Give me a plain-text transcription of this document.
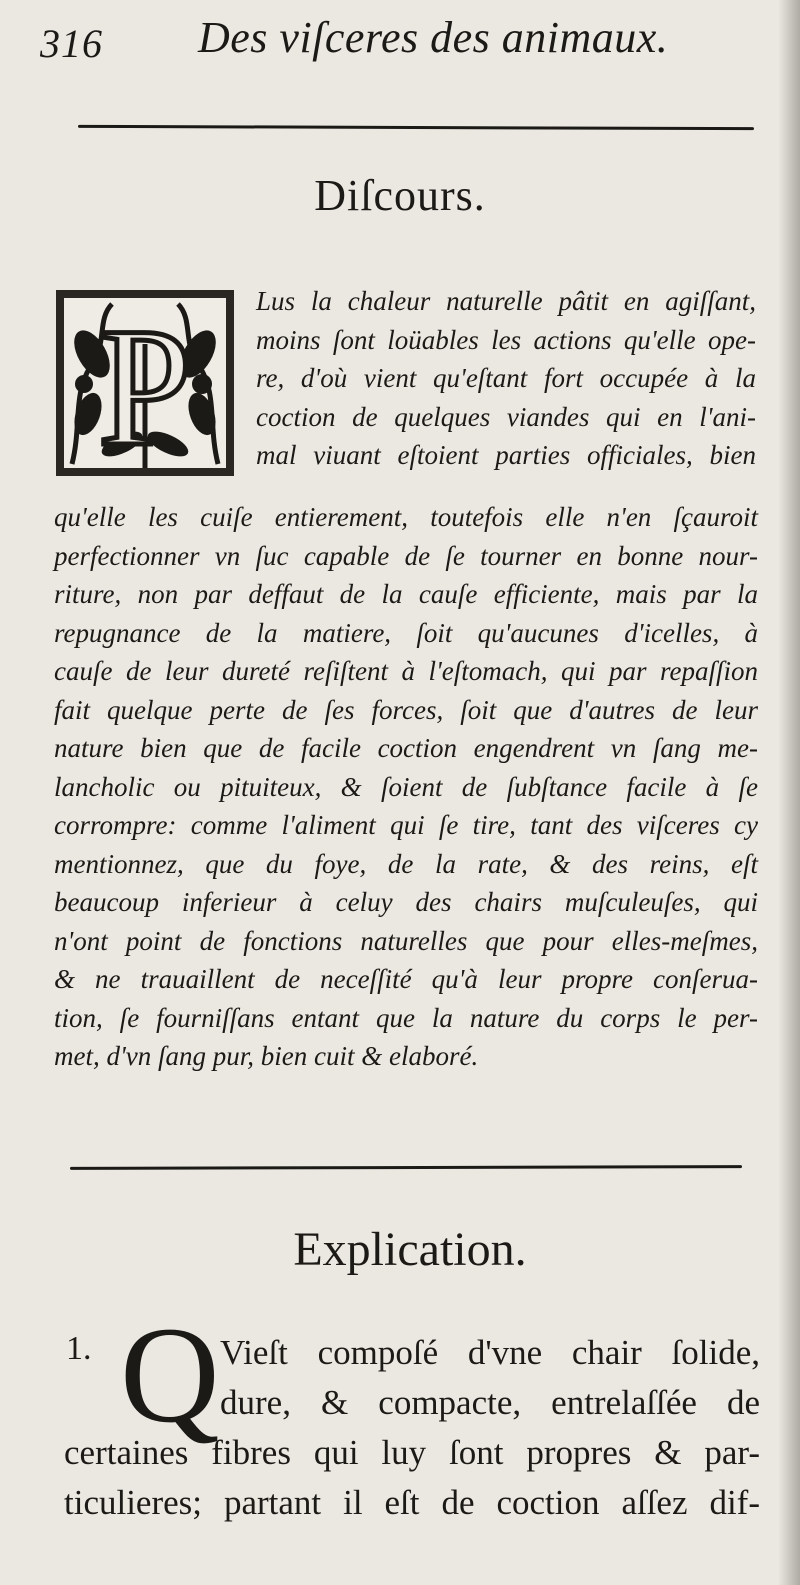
316 Des viſceres des animaux.
Diſcours.
P Lus la chaleur naturelle pâtit en agiſſant,
moins ſont loüables les actions qu'elle ope-
re, d'où vient qu'eſtant fort occupée à la
coction de quelques viandes qui en l'ani-
mal viuant eſtoient parties officiales, bien
qu'elle les cuiſe entierement, toutefois elle n'en ſçauroit
perfectionner vn ſuc capable de ſe tourner en bonne nour-
riture, non par deffaut de la cauſe efficiente, mais par la
repugnance de la matiere, ſoit qu'aucunes d'icelles, à
cauſe de leur dureté reſiſtent à l'eſtomach, qui par repaſſion
fait quelque perte de ſes forces, ſoit que d'autres de leur
nature bien que de facile coction engendrent vn ſang me-
lancholic ou pituiteux, & ſoient de ſubſtance facile à ſe
corrompre: comme l'aliment qui ſe tire, tant des viſceres cy
mentionnez, que du foye, de la rate, & des reins, eſt
beaucoup inferieur à celuy des chairs muſculeuſes, qui
n'ont point de fonctions naturelles que pour elles-meſmes,
& ne trauaillent de neceſſité qu'à leur propre conſerua-
tion, ſe fourniſſans entant que la nature du corps le per-
met, d'vn ſang pur, bien cuit & elaboré.
Explication.
1. Q Vieſt compoſé d'vne chair ſolide,
dure, & compacte, entrelaſſée de
certaines fibres qui luy ſont propres & par-
ticulieres; partant il eſt de coction aſſez dif-
